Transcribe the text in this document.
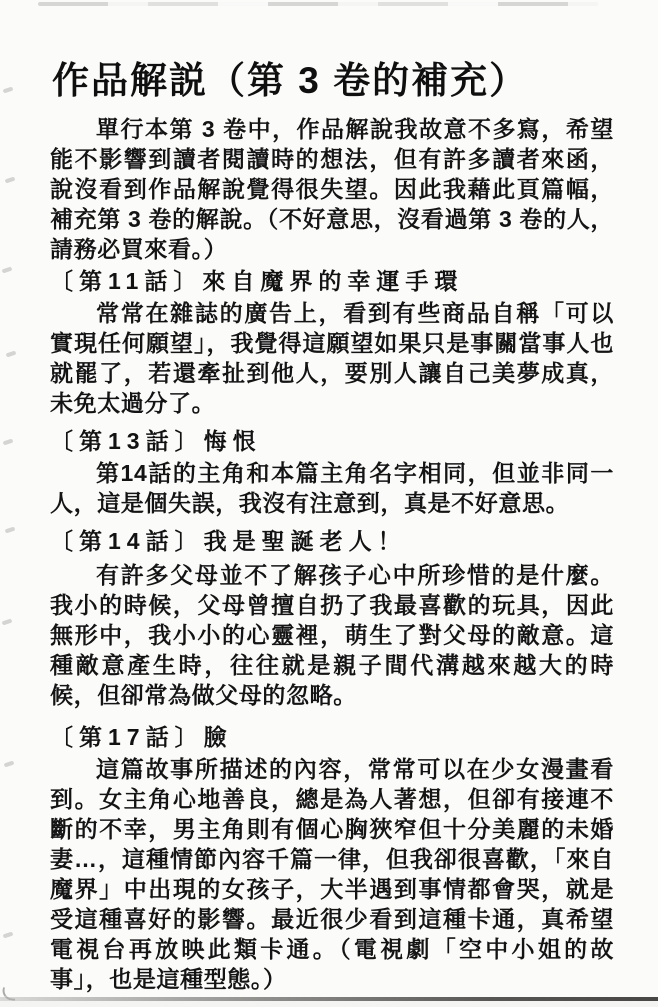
作品解説（第 3 卷的補充）

單行本第 3 卷中，作品解說我故意不多寫，希望能不影響到讀者閱讀時的想法，但有許多讀者來函，說沒看到作品解說覺得很失望。因此我藉此頁篇幅，補充第 3 卷的解說。（不好意思，沒看過第 3 卷的人，請務必買來看。）

〔第11話〕來自魔界的幸運手環

常常在雜誌的廣告上，看到有些商品自稱「可以實現任何願望」，我覺得這願望如果只是事關當事人也就罷了，若還牽扯到他人，要別人讓自己美夢成真，未免太過分了。

〔第13話〕悔恨

第14話的主角和本篇主角名字相同，但並非同一人，這是個失誤，我沒有注意到，真是不好意思。

〔第14話〕我是聖誕老人！

有許多父母並不了解孩子心中所珍惜的是什麼。我小的時候，父母曾擅自扔了我最喜歡的玩具，因此無形中，我小小的心靈裡，萌生了對父母的敵意。這種敵意產生時，往往就是親子間代溝越來越大的時候，但卻常為做父母的忽略。

〔第17話〕臉

這篇故事所描述的內容，常常可以在少女漫畫看到。女主角心地善良，總是為人著想，但卻有接連不斷的不幸，男主角則有個心胸狹窄但十分美麗的未婚妻…，這種情節內容千篇一律，但我卻很喜歡，「來自魔界」中出現的女孩子，大半遇到事情都會哭，就是受這種喜好的影響。最近很少看到這種卡通，真希望電視台再放映此類卡通。（電視劇「空中小姐的故事」，也是這種型態。）
